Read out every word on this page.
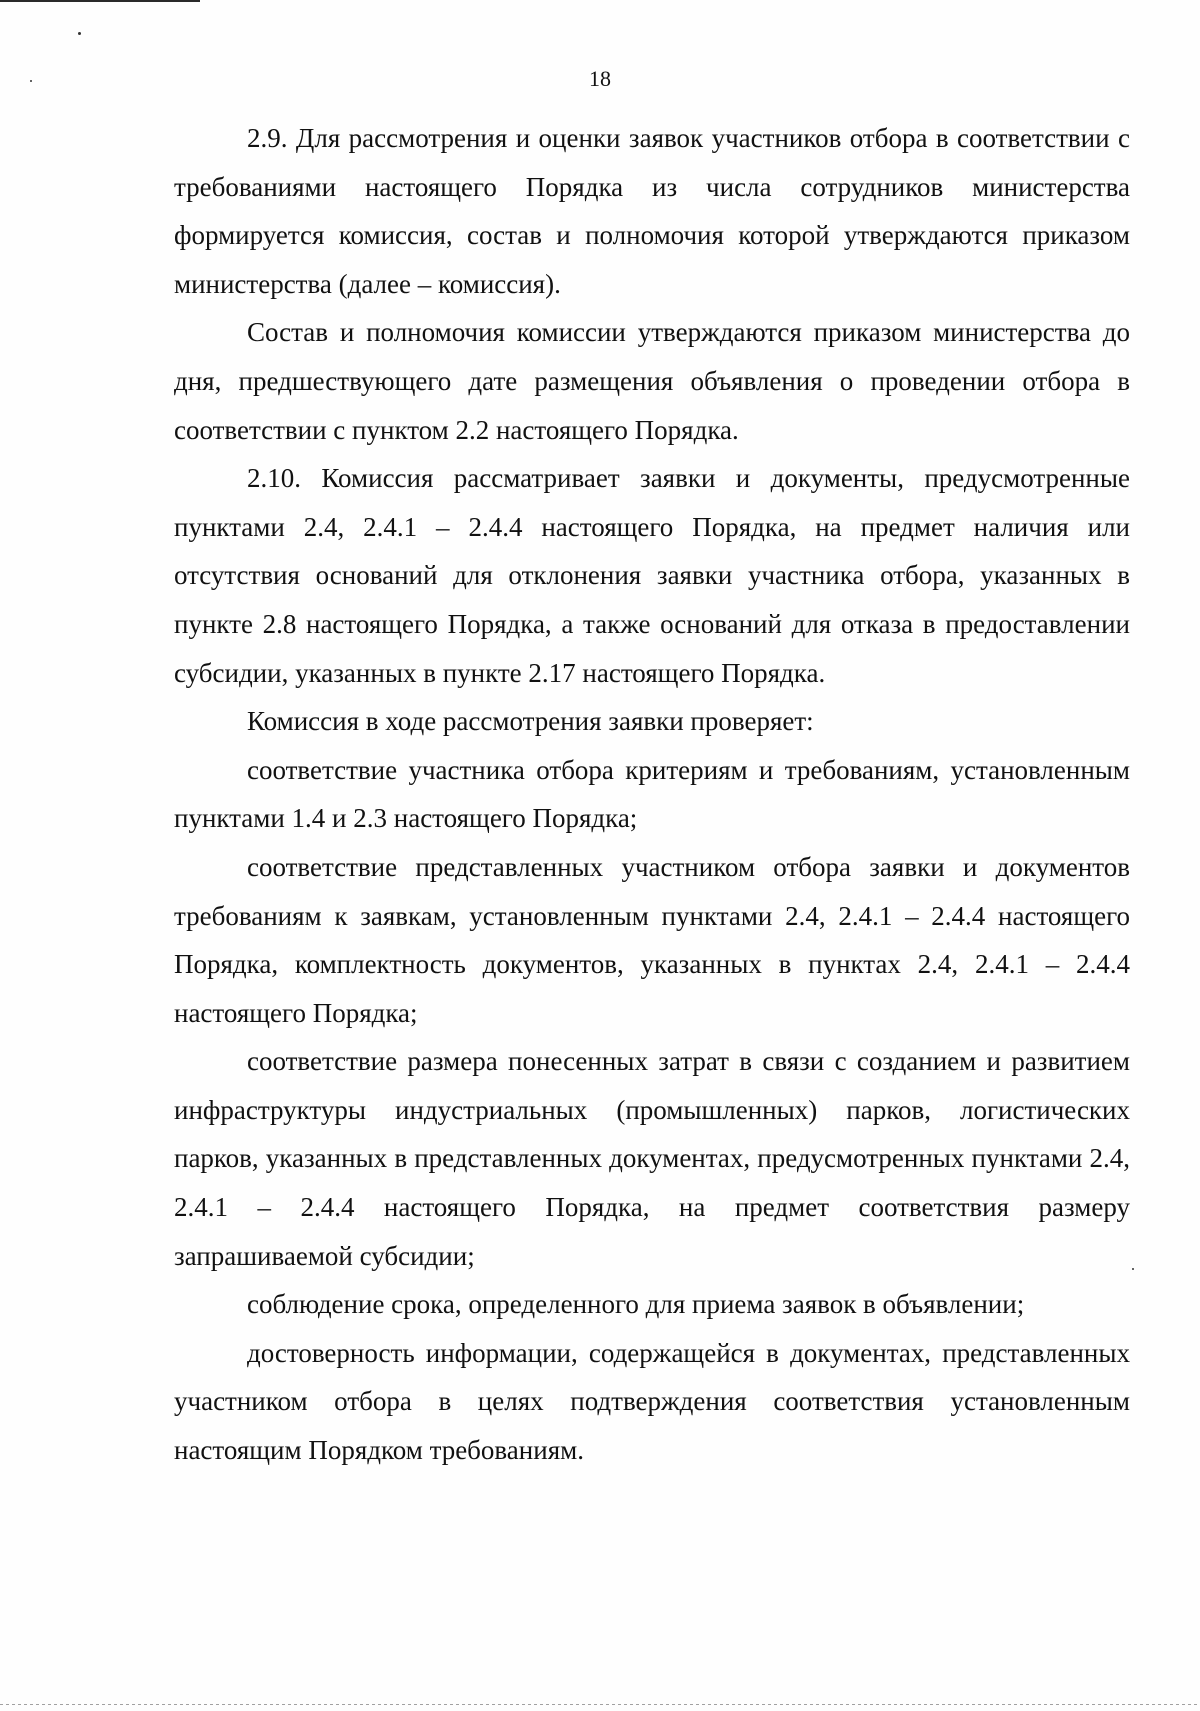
18

2.9. Для рассмотрения и оценки заявок участников отбора в соответствии с требованиями настоящего Порядка из числа сотрудников министерства формируется комиссия, состав и полномочия которой утверждаются приказом министерства (далее – комиссия).

Состав и полномочия комиссии утверждаются приказом министерства до дня, предшествующего дате размещения объявления о проведении отбора в соответствии с пунктом 2.2 настоящего Порядка.

2.10. Комиссия рассматривает заявки и документы, предусмотренные пунктами 2.4, 2.4.1 – 2.4.4 настоящего Порядка, на предмет наличия или отсутствия оснований для отклонения заявки участника отбора, указанных в пункте 2.8 настоящего Порядка, а также оснований для отказа в предоставлении субсидии, указанных в пункте 2.17 настоящего Порядка.

Комиссия в ходе рассмотрения заявки проверяет:

соответствие участника отбора критериям и требованиям, установленным пунктами 1.4 и 2.3 настоящего Порядка;

соответствие представленных участником отбора заявки и документов требованиям к заявкам, установленным пунктами 2.4, 2.4.1 – 2.4.4 настоящего Порядка, комплектность документов, указанных в пунктах 2.4, 2.4.1 – 2.4.4 настоящего Порядка;

соответствие размера понесенных затрат в связи с созданием и развитием инфраструктуры индустриальных (промышленных) парков, логистических парков, указанных в представленных документах, предусмотренных пунктами 2.4, 2.4.1 – 2.4.4 настоящего Порядка, на предмет соответствия размеру запрашиваемой субсидии;

соблюдение срока, определенного для приема заявок в объявлении;

достоверность информации, содержащейся в документах, представленных участником отбора в целях подтверждения соответствия установленным настоящим Порядком требованиям.
